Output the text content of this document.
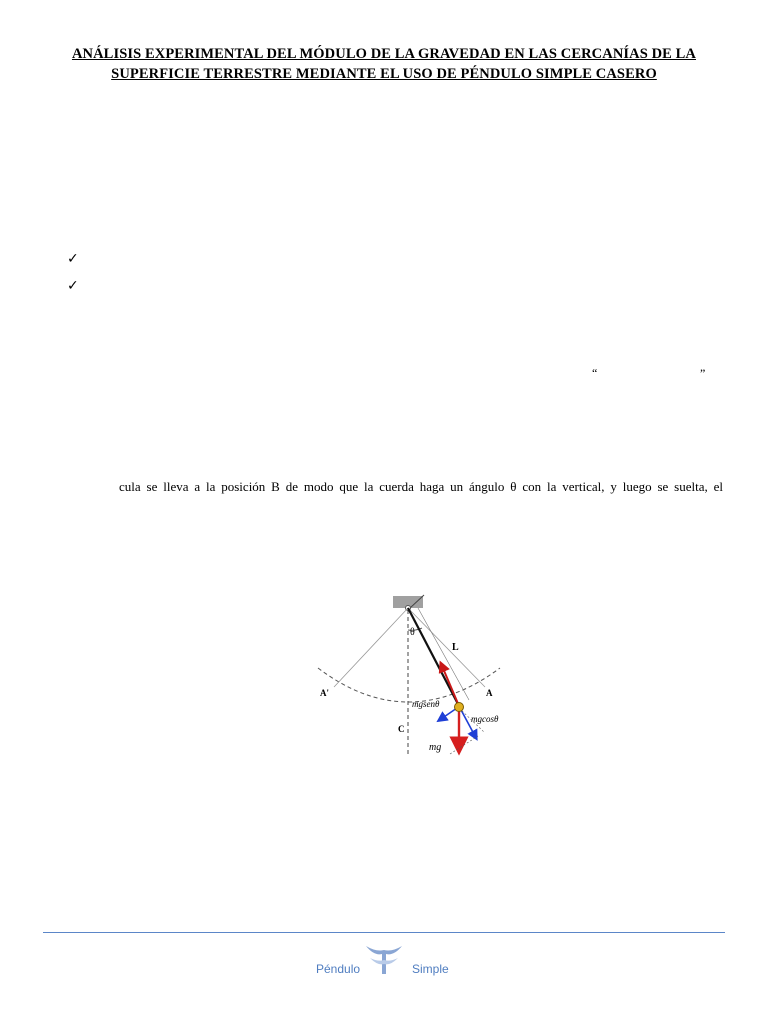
ANÁLISIS EXPERIMENTAL DEL MÓDULO DE LA GRAVEDAD EN LAS CERCANÍAS DE LA
SUPERFICIE TERRESTRE MEDIANTE EL USO DE PÉNDULO SIMPLE CASERO
✓
✓
“	”
cula se lleva a la posición B de modo que la cuerda haga un ángulo θ con la vertical, y luego se suelta, el
θ
L
A'	A
C
mgsenθ
mgcosθ
mg
Péndulo	Simple
